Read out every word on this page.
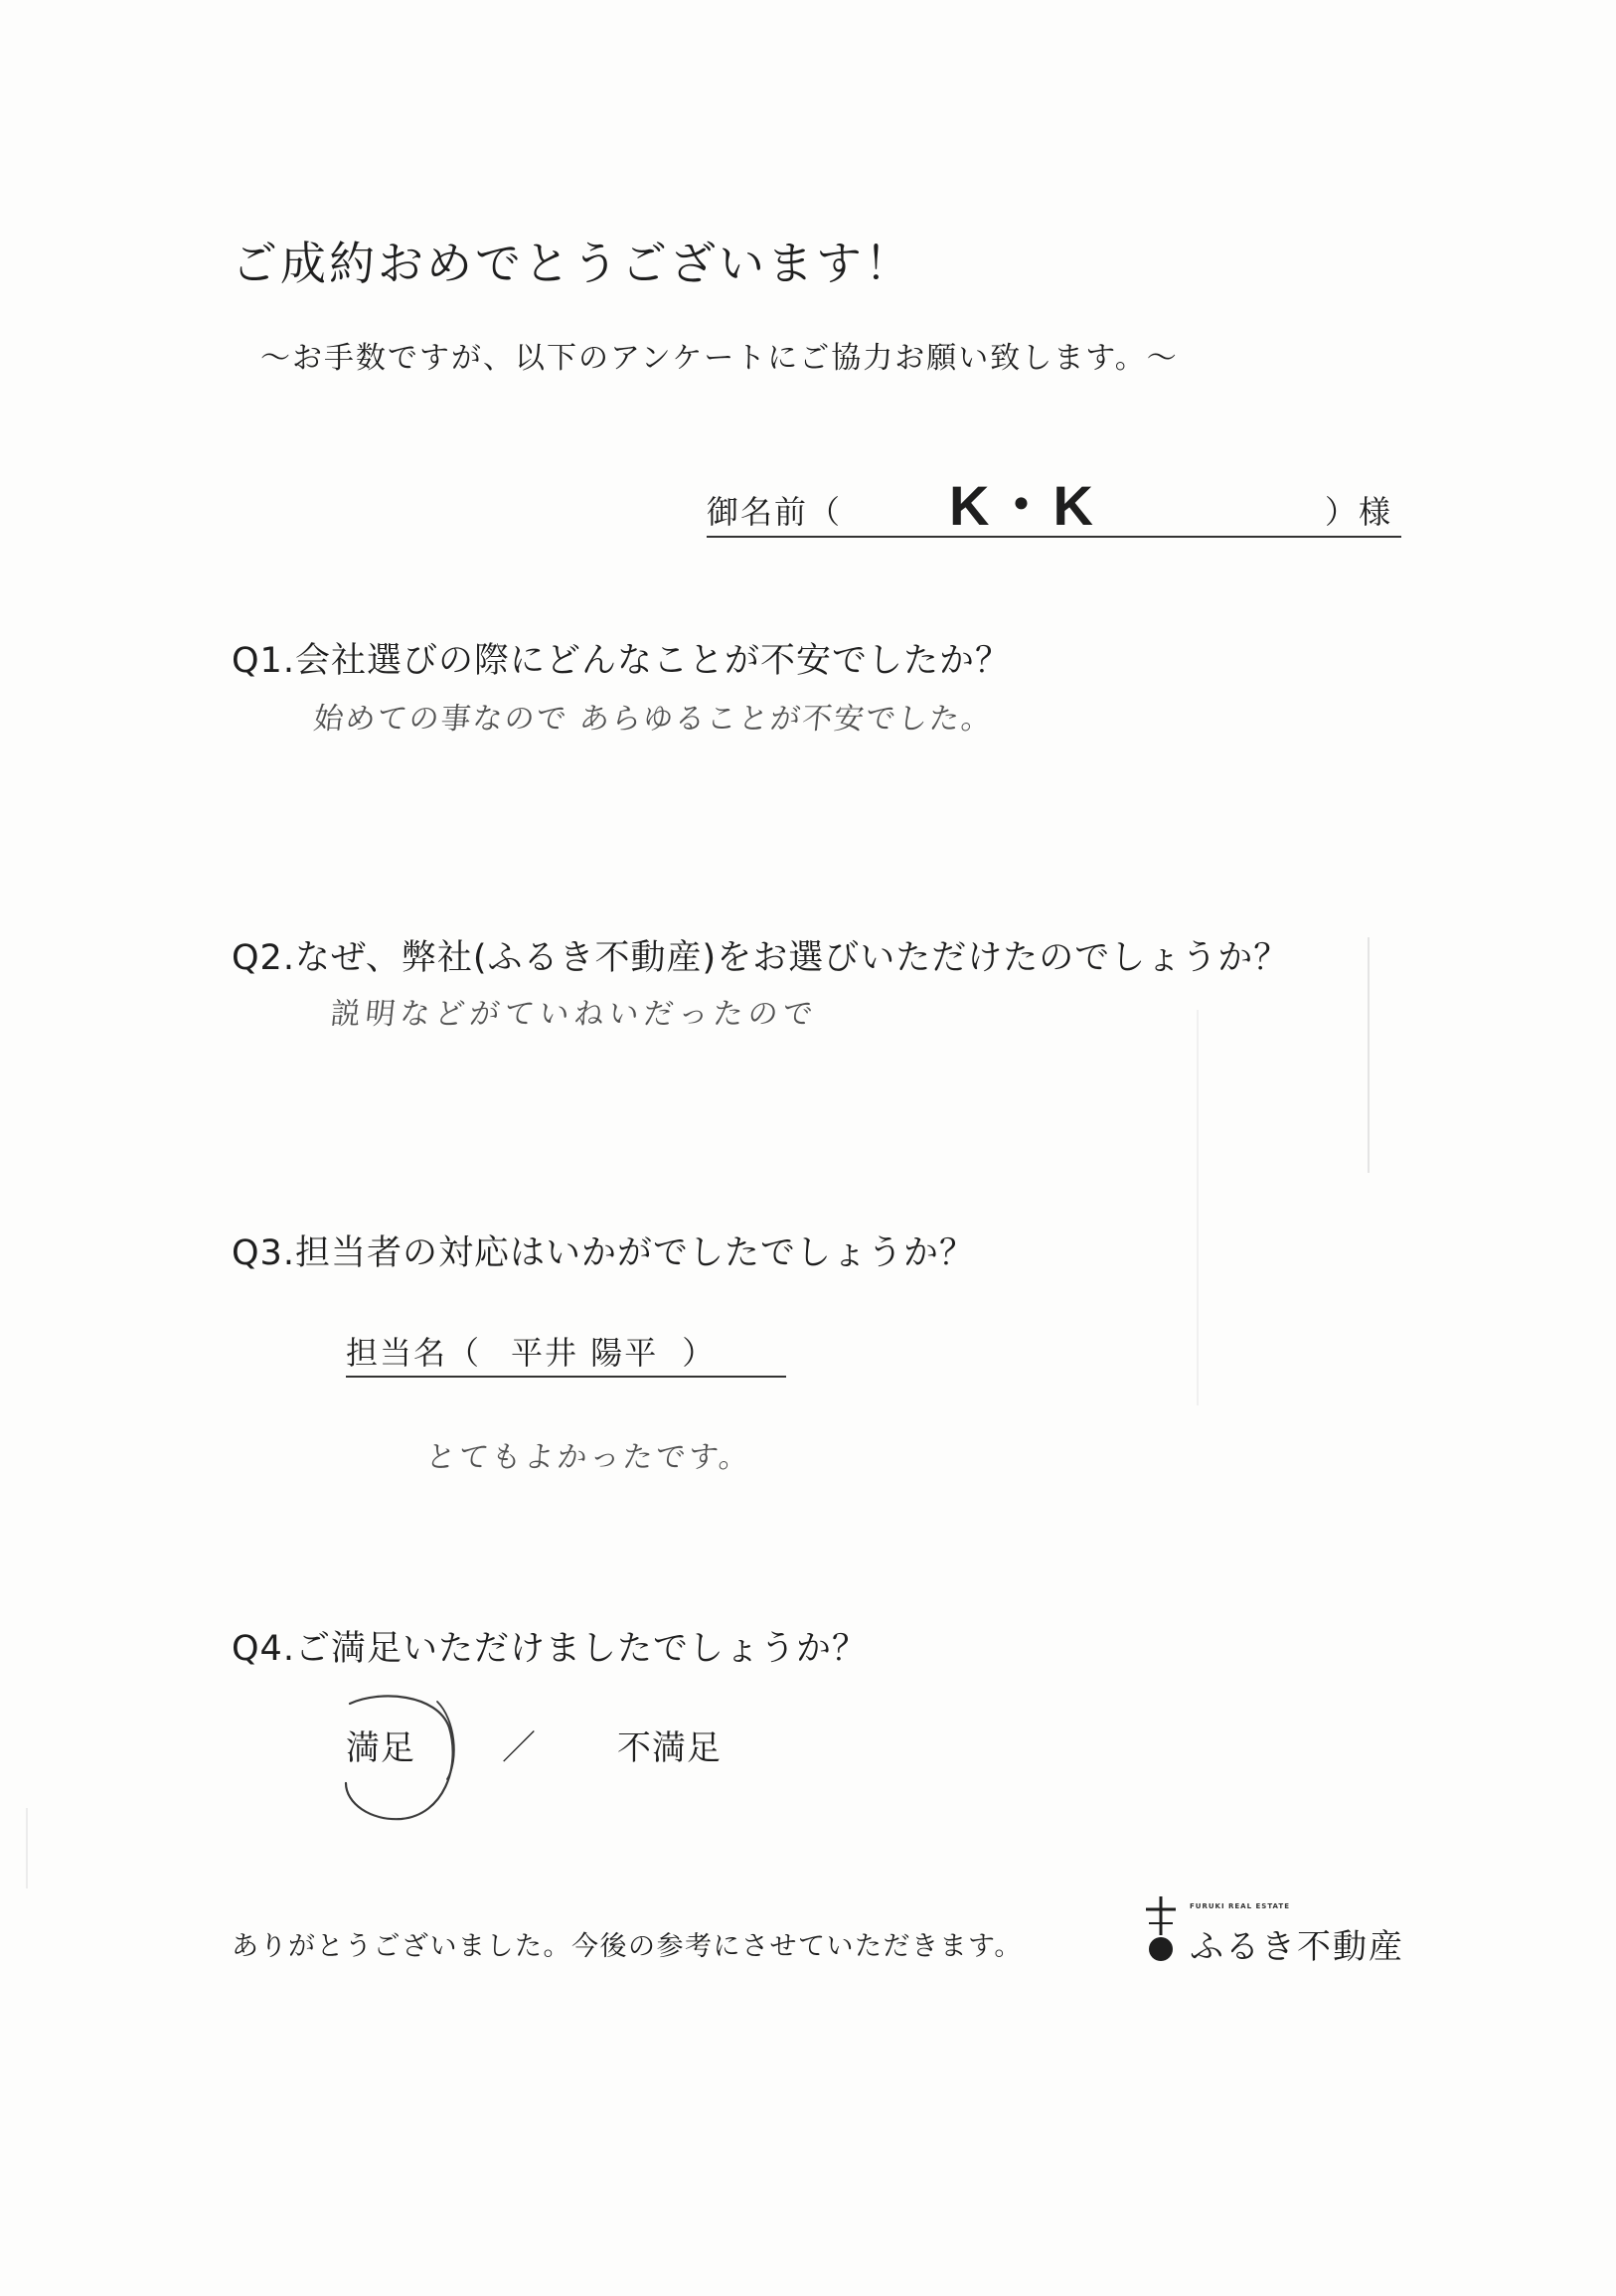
ご成約おめでとうございます！
～お手数ですが、以下のアンケートにご協力お願い致します。～
御名前（ K・K	）様
Q1.会社選びの際にどんなことが不安でしたか？
始めての事なので あらゆることが不安でした。
Q2.なぜ、弊社(ふるき不動産)をお選びいただけたのでしょうか？
説明などがていねいだったので
Q3.担当者の対応はいかがでしたでしょうか？
担当名（ 平井 陽平 ）
とてもよかったです。
Q4.ご満足いただけましたでしょうか？
満足	／ 不満足
ありがとうございました。今後の参考にさせていただきます。
FURUKI REAL ESTATE
ふるき不動産
